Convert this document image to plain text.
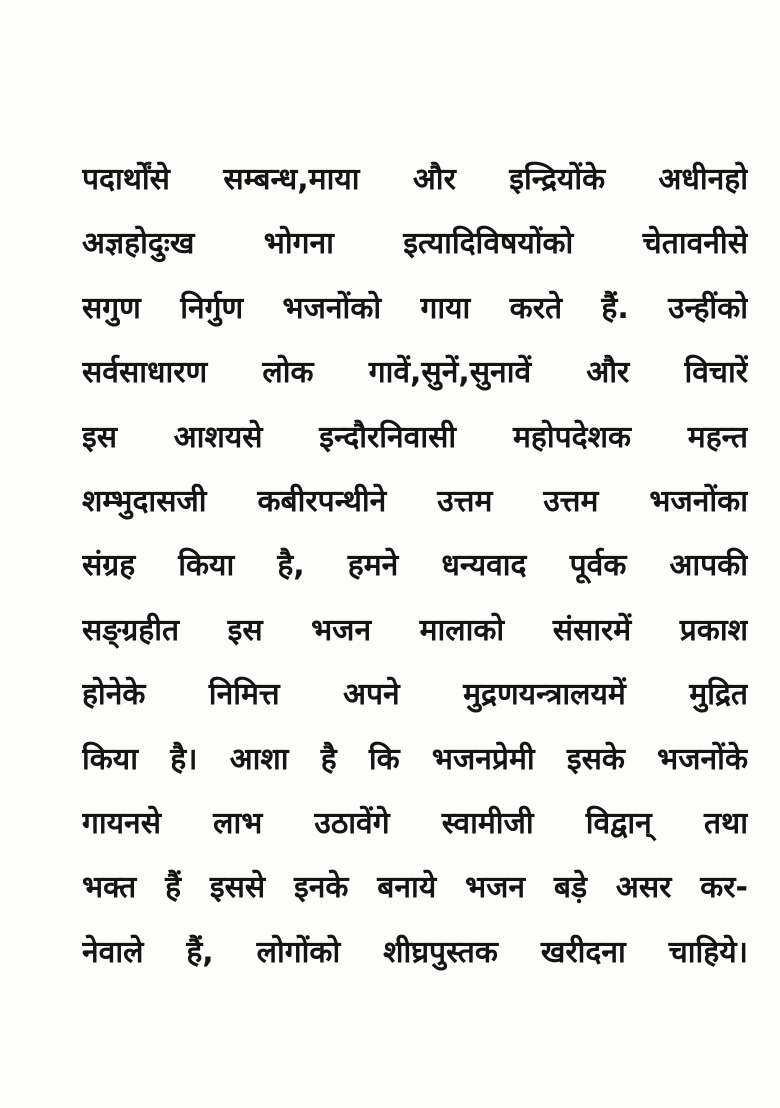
पदार्थोंसे सम्बन्ध,माया और इन्द्रियोंके अधीनहो
अज्ञहोदुःख भोगना इत्यादिविषयोंको चेतावनीसे
सगुण निर्गुण भजनोंको गाया करते हैं. उन्हींको
सर्वसाधारण लोक गावें,सुनें,सुनावें और विचारें
इस आशयसे इन्दौरनिवासी महोपदेशक महन्त
शम्भुदासजी कबीरपन्थीने उत्तम उत्तम भजनोंका
संग्रह किया है, हमने धन्यवाद पूर्वक आपकी
सङ्ग्रहीत इस भजन मालाको संसारमें प्रकाश
होनेके निमित्त अपने मुद्रणयन्त्रालयमें मुद्रित
किया है। आशा है कि भजनप्रेमी इसके भजनोंके
गायनसे लाभ उठावेंगे स्वामीजी विद्वान् तथा
भक्त हैं इससे इनके बनाये भजन बड़े असर कर-
नेवाले हैं, लोगोंको शीघ्रपुस्तक खरीदना चाहिये।
